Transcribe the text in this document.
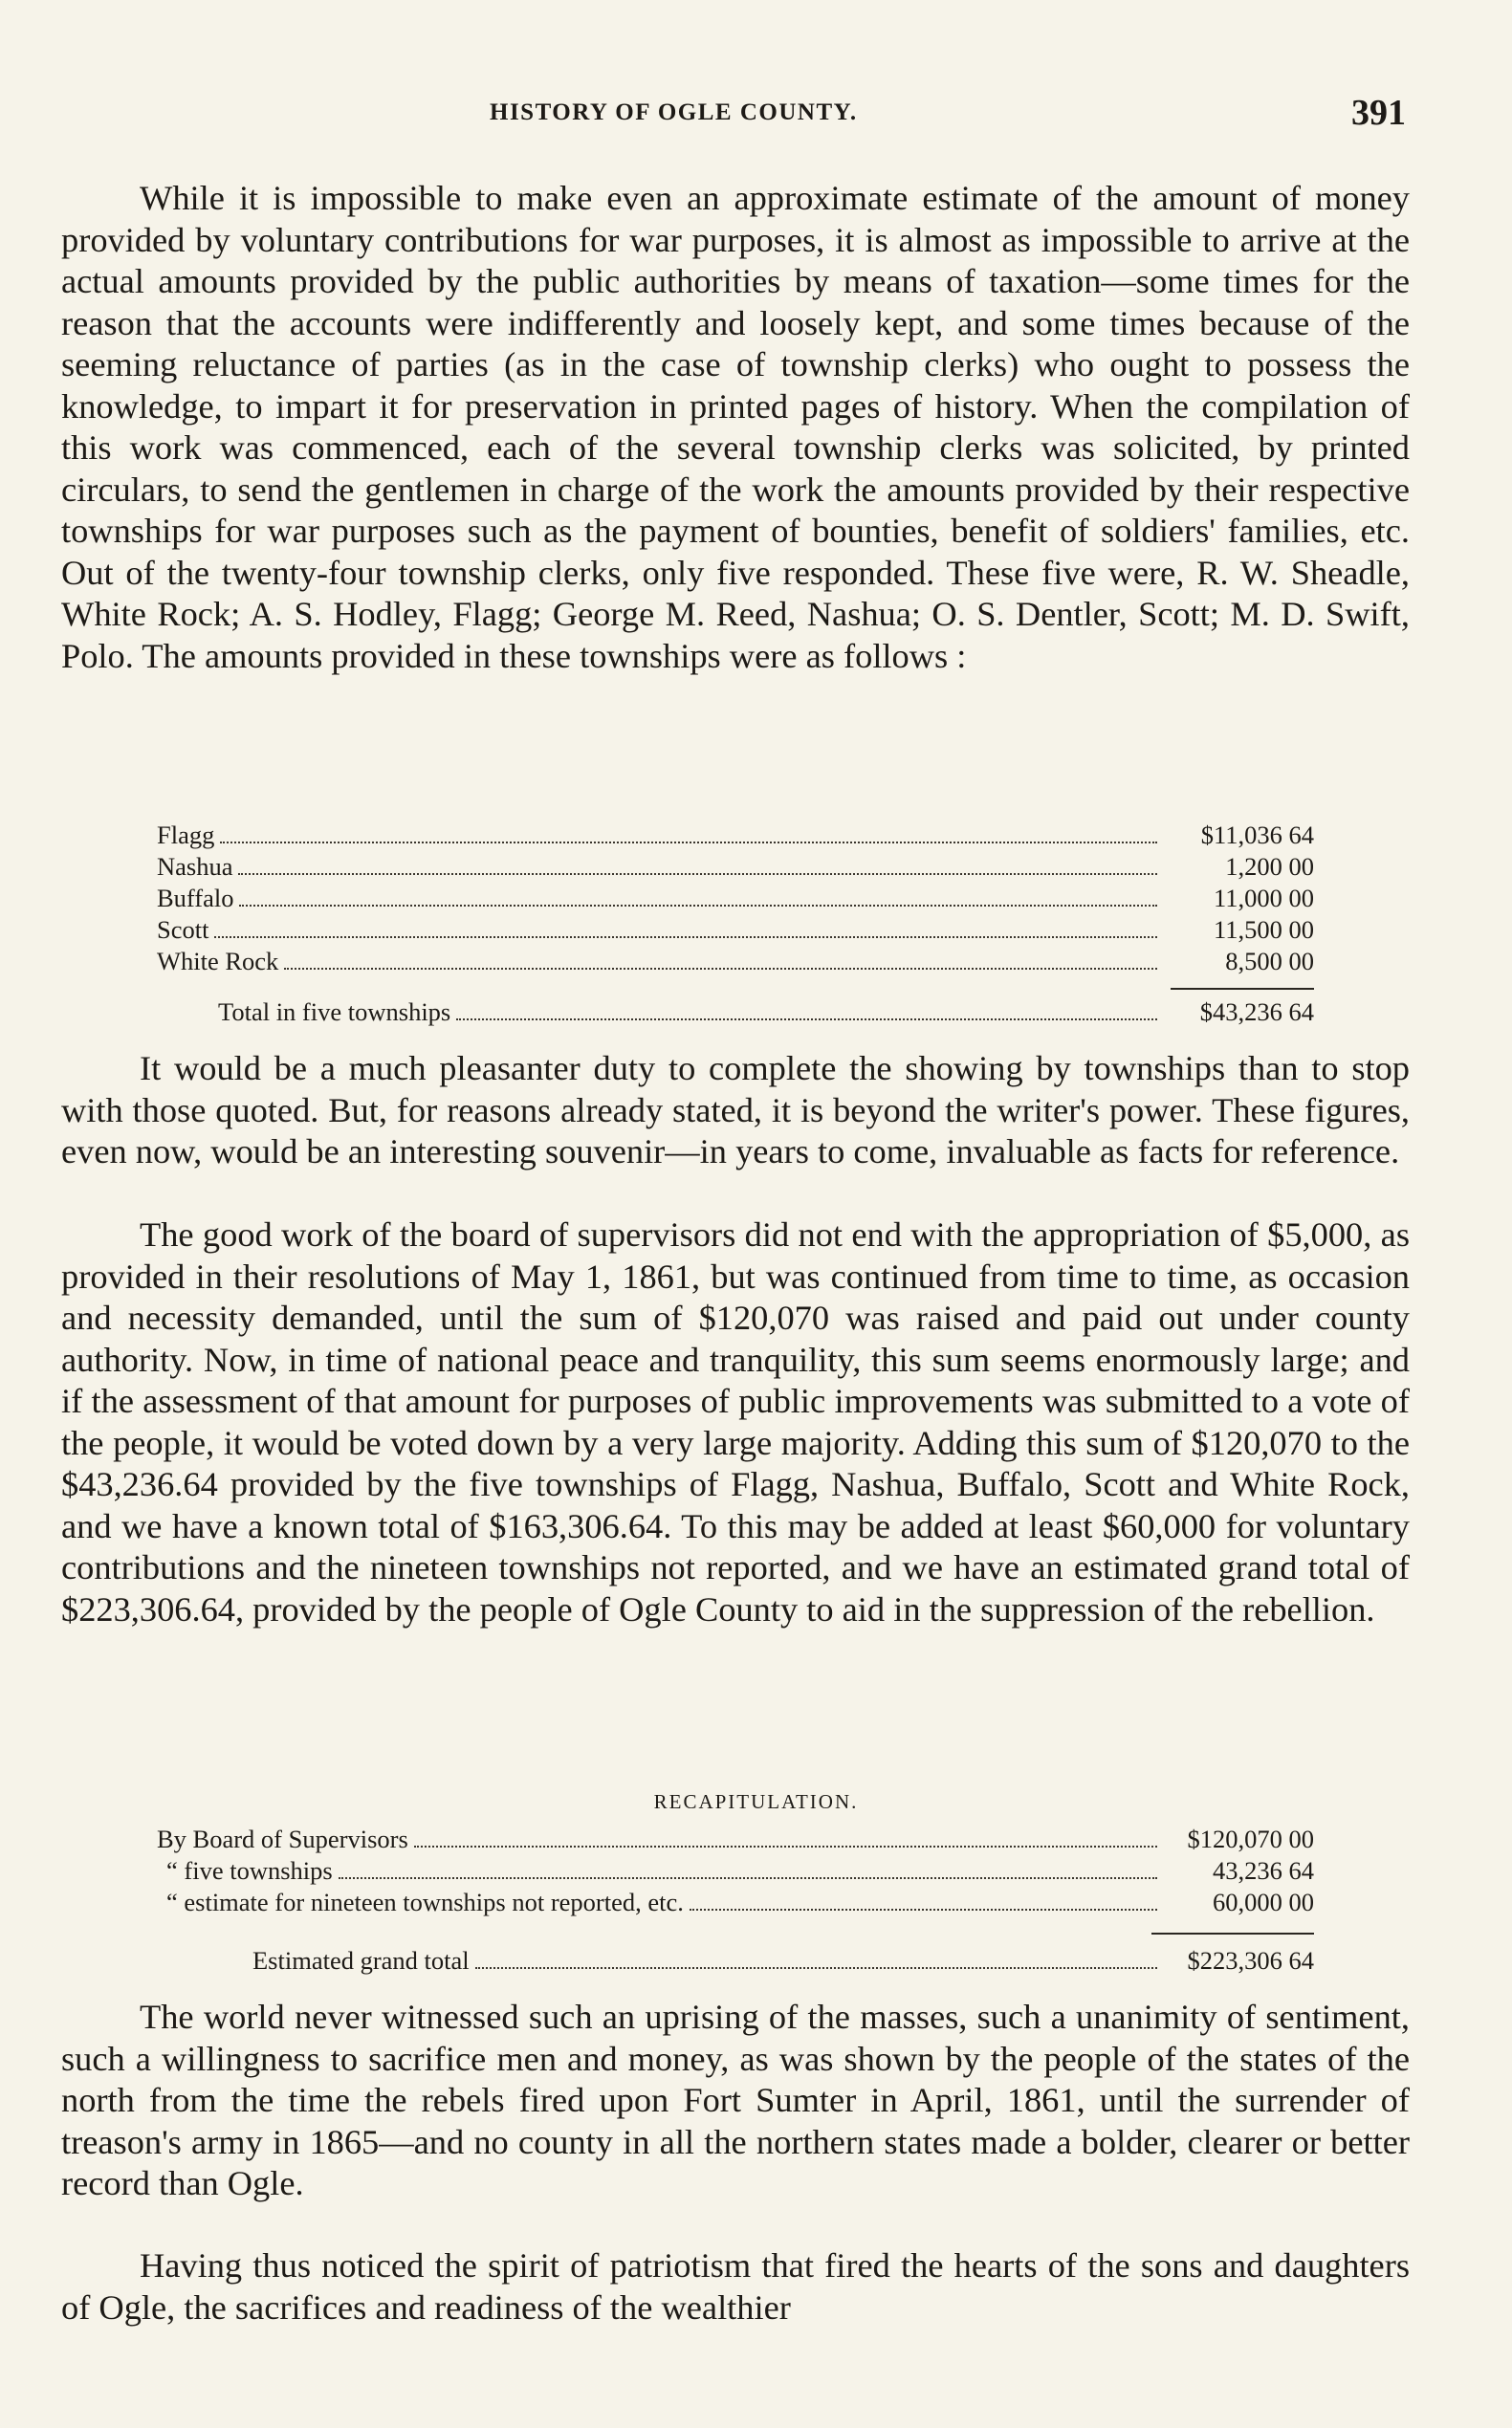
HISTORY OF OGLE COUNTY.	391

While it is impossible to make even an approximate estimate of the amount of money provided by voluntary contributions for war purposes, it is almost as impossible to arrive at the actual amounts provided by the public authorities by means of taxation—some times for the reason that the accounts were indifferently and loosely kept, and some times because of the seeming reluctance of parties (as in the case of township clerks) who ought to possess the knowledge, to impart it for preservation in printed pages of history. When the compilation of this work was commenced, each of the several township clerks was solicited, by printed circulars, to send the gentlemen in charge of the work the amounts provided by their respective townships for war purposes such as the payment of bounties, benefit of soldiers' families, etc. Out of the twenty-four township clerks, only five responded. These five were, R. W. Sheadle, White Rock; A. S. Hodley, Flagg; George M. Reed, Nashua; O. S. Dentler, Scott; M. D. Swift, Polo. The amounts provided in these townships were as follows :

Flagg	$11,036 64
Nashua	1,200 00
Buffalo	11,000 00
Scott	11,500 00
White Rock	8,500 00
Total in five townships	$43,236 64

It would be a much pleasanter duty to complete the showing by townships than to stop with those quoted. But, for reasons already stated, it is beyond the writer's power. These figures, even now, would be an interesting souvenir—in years to come, invaluable as facts for reference.

The good work of the board of supervisors did not end with the appropriation of $5,000, as provided in their resolutions of May 1, 1861, but was continued from time to time, as occasion and necessity demanded, until the sum of $120,070 was raised and paid out under county authority. Now, in time of national peace and tranquility, this sum seems enormously large; and if the assessment of that amount for purposes of public improvements was submitted to a vote of the people, it would be voted down by a very large majority. Adding this sum of $120,070 to the $43,236.64 provided by the five townships of Flagg, Nashua, Buffalo, Scott and White Rock, and we have a known total of $163,306.64. To this may be added at least $60,000 for voluntary contributions and the nineteen townships not reported, and we have an estimated grand total of $223,306.64, provided by the people of Ogle County to aid in the suppression of the rebellion.

RECAPITULATION.
By Board of Supervisors	$120,070 00
“ five townships	43,236 64
“ estimate for nineteen townships not reported, etc.	60,000 00
Estimated grand total	$223,306 64

The world never witnessed such an uprising of the masses, such a unanimity of sentiment, such a willingness to sacrifice men and money, as was shown by the people of the states of the north from the time the rebels fired upon Fort Sumter in April, 1861, until the surrender of treason's army in 1865—and no county in all the northern states made a bolder, clearer or better record than Ogle.

Having thus noticed the spirit of patriotism that fired the hearts of the sons and daughters of Ogle, the sacrifices and readiness of the wealthier
